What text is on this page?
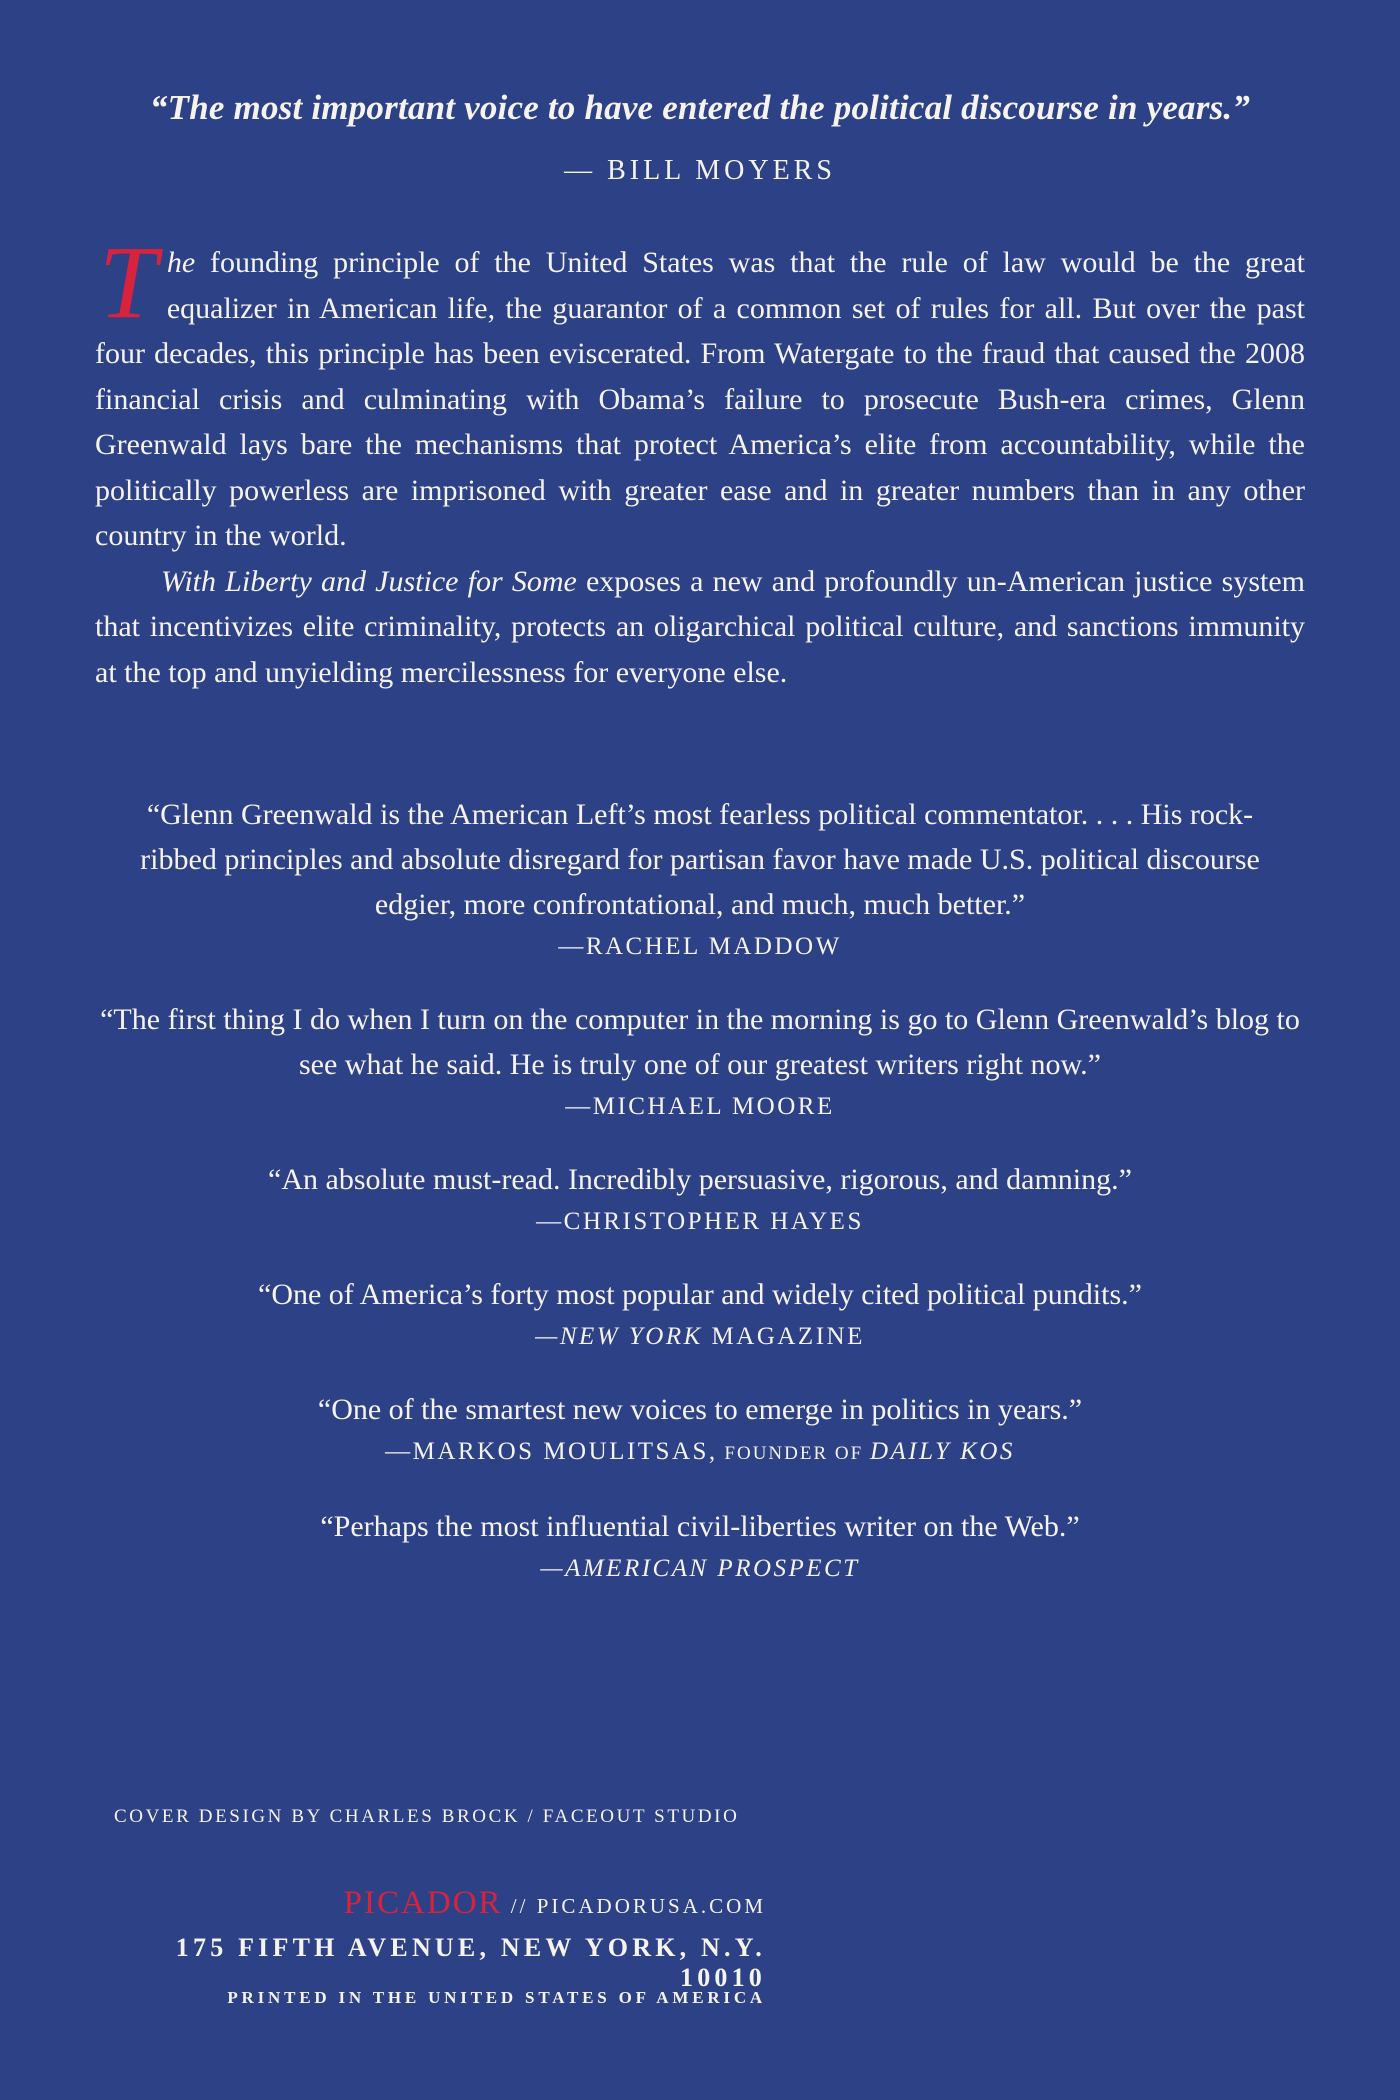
“The most important voice to have entered the political discourse in years.”
— BILL MOYERS

The founding principle of the United States was that the rule of law would be the great equalizer in American life, the guarantor of a common set of rules for all. But over the past four decades, this principle has been eviscerated. From Watergate to the fraud that caused the 2008 financial crisis and culminating with Obama’s failure to prosecute Bush-era crimes, Glenn Greenwald lays bare the mechanisms that protect America’s elite from accountability, while the politically powerless are imprisoned with greater ease and in greater numbers than in any other country in the world.

With Liberty and Justice for Some exposes a new and profoundly un-American justice system that incentivizes elite criminality, protects an oligarchical political culture, and sanctions immunity at the top and unyielding mercilessness for everyone else.

“Glenn Greenwald is the American Left’s most fearless political commentator. . . . His rock-ribbed principles and absolute disregard for partisan favor have made U.S. political discourse edgier, more confrontational, and much, much better.”
—RACHEL MADDOW
“The first thing I do when I turn on the computer in the morning is go to Glenn Greenwald’s blog to see what he said. He is truly one of our greatest writers right now.”
—MICHAEL MOORE
“An absolute must-read. Incredibly persuasive, rigorous, and damning.”
—CHRISTOPHER HAYES
“One of America’s forty most popular and widely cited political pundits.”
—NEW YORK MAGAZINE
“One of the smartest new voices to emerge in politics in years.”
—MARKOS MOULITSAS, FOUNDER OF DAILY KOS
“Perhaps the most influential civil-liberties writer on the Web.”
—AMERICAN PROSPECT
COVER DESIGN BY CHARLES BROCK / FACEOUT STUDIO
PICADOR // PICADORUSA.COM
175 FIFTH AVENUE, NEW YORK, N.Y. 10010
PRINTED IN THE UNITED STATES OF AMERICA
